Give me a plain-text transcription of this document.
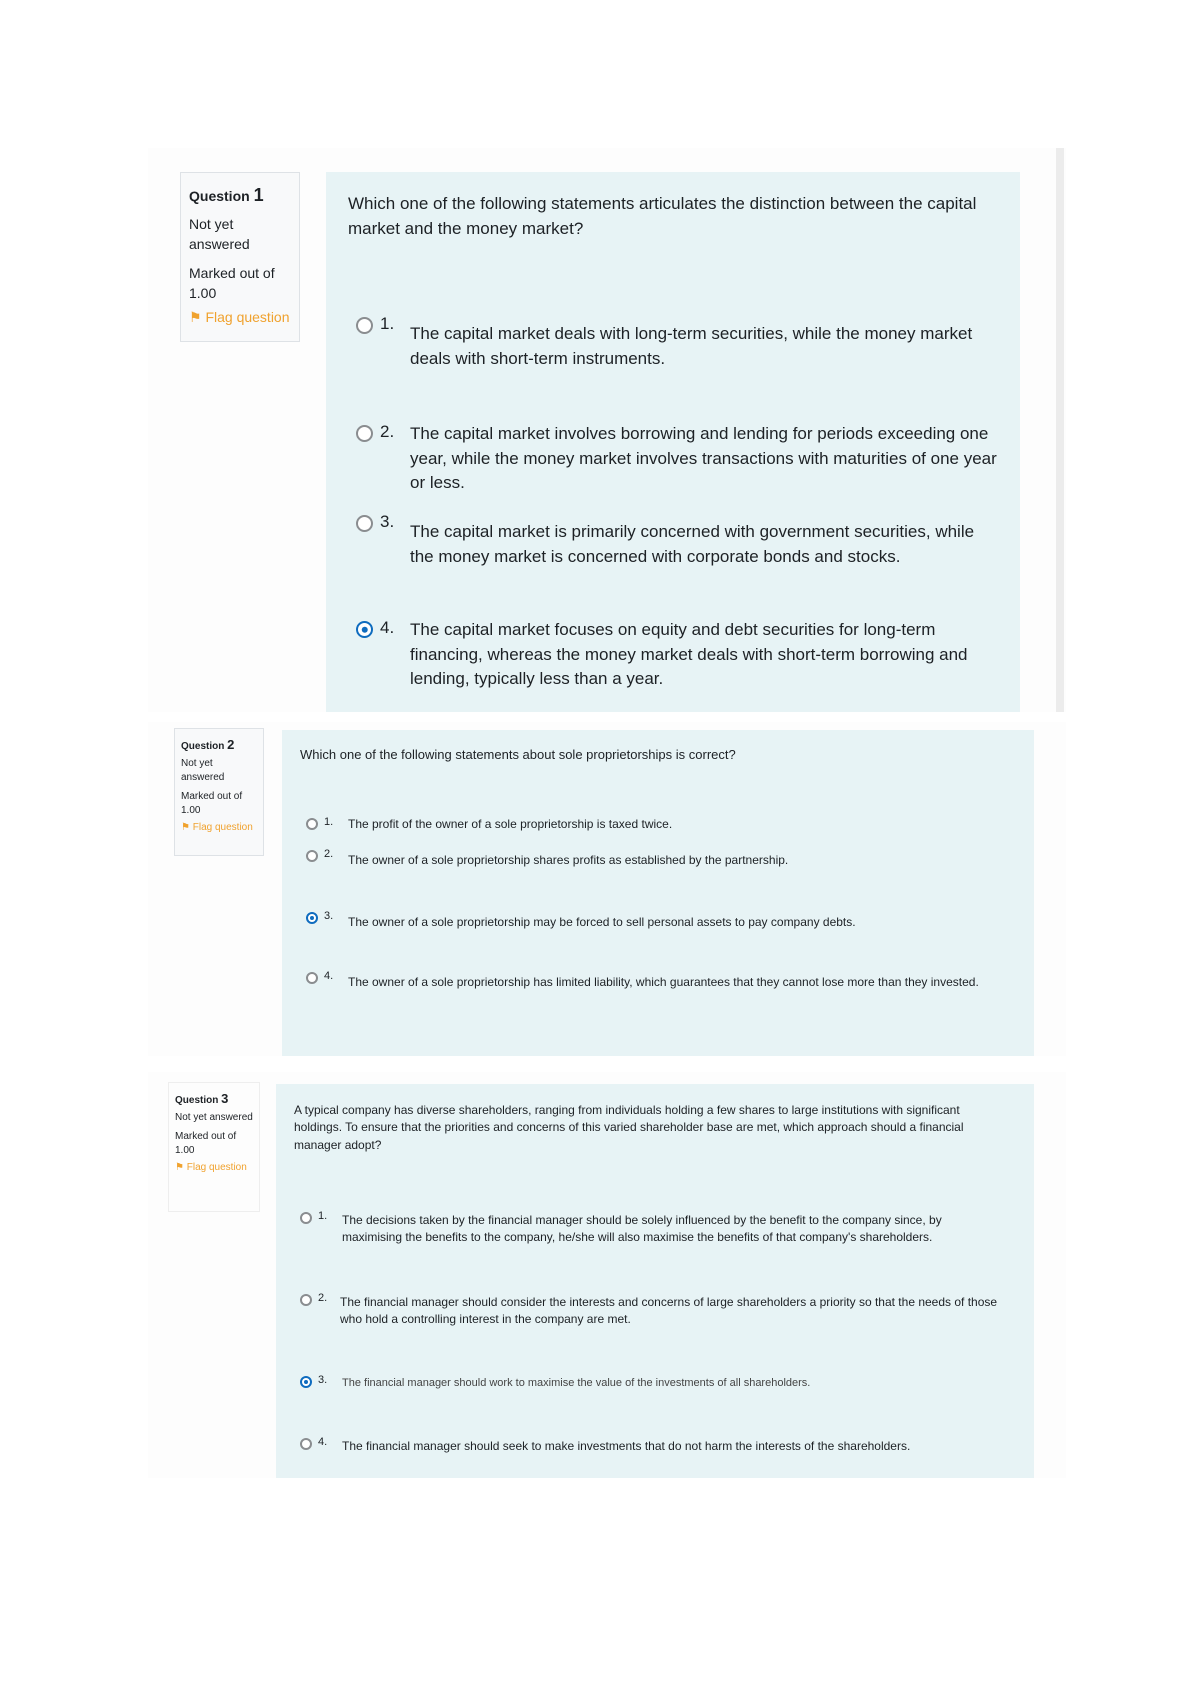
Question 1
Not yet answered
Marked out of 1.00
⚑ Flag question
Which one of the following statements articulates the distinction between the capital market and the money market?
1.
The capital market deals with long-term securities, while the money market deals with short-term instruments.
2. The capital market involves borrowing and lending for periods exceeding one year, while the money market involves transactions with maturities of one year or less.
3.
The capital market is primarily concerned with government securities, while the money market is concerned with corporate bonds and stocks.
4. The capital market focuses on equity and debt securities for long-term financing, whereas the money market deals with short-term borrowing and lending, typically less than a year.
Question 2
Not yet answered
Marked out of 1.00
⚑ Flag question
Which one of the following statements about sole proprietorships is correct?
1. The profit of the owner of a sole proprietorship is taxed twice.
2. The owner of a sole proprietorship shares profits as established by the partnership.
3. The owner of a sole proprietorship may be forced to sell personal assets to pay company debts.
4. The owner of a sole proprietorship has limited liability, which guarantees that they cannot lose more than they invested.
Question 3
Not yet answered
Marked out of 1.00
⚑ Flag question
A typical company has diverse shareholders, ranging from individuals holding a few shares to large institutions with significant holdings. To ensure that the priorities and concerns of this varied shareholder base are met, which approach should a financial manager adopt?
1. The decisions taken by the financial manager should be solely influenced by the benefit to the company since, by maximising the benefits to the company, he/she will also maximise the benefits of that company's shareholders.
2. The financial manager should consider the interests and concerns of large shareholders a priority so that the needs of those who hold a controlling interest in the company are met.
3. The financial manager should work to maximise the value of the investments of all shareholders.
4. The financial manager should seek to make investments that do not harm the interests of the shareholders.
